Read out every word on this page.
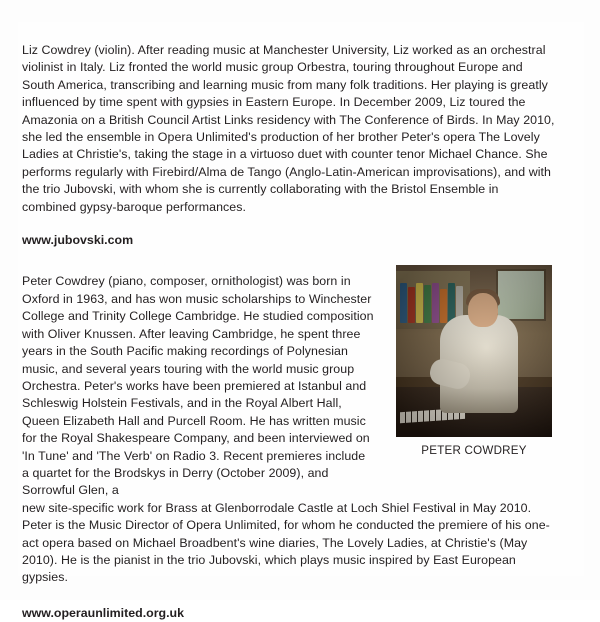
Liz Cowdrey (violin). After reading music at Manchester University, Liz worked as an orchestral violinist in Italy. Liz fronted the world music group Orbestra, touring throughout Europe and South America, transcribing and learning music from many folk traditions. Her playing is greatly influenced by time spent with gypsies in Eastern Europe. In December 2009, Liz toured the Amazonia on a British Council Artist Links residency with The Conference of Birds. In May 2010, she led the ensemble in Opera Unlimited's production of her brother Peter's opera The Lovely Ladies at Christie's, taking the stage in a virtuoso duet with counter tenor Michael Chance. She performs regularly with Firebird/Alma de Tango (Anglo-Latin-American improvisations), and with the trio Jubovski, with whom she is currently collaborating with the Bristol Ensemble in combined gypsy-baroque performances.

www.jubovski.com

PETER COWDREY

Peter Cowdrey (piano, composer, ornithologist) was born in Oxford in 1963, and has won music scholarships to Winchester College and Trinity College Cambridge. He studied composition with Oliver Knussen. After leaving Cambridge, he spent three years in the South Pacific making recordings of Polynesian music, and several years touring with the world music group Orchestra. Peter's works have been premiered at Istanbul and Schleswig Holstein Festivals, and in the Royal Albert Hall, Queen Elizabeth Hall and Purcell Room. He has written music for the Royal Shakespeare Company, and been interviewed on 'In Tune' and 'The Verb' on Radio 3. Recent premieres include a quartet for the Brodskys in Derry (October 2009), and Sorrowful Glen, a

new site-specific work for Brass at Glenborrodale Castle at Loch Shiel Festival in May 2010. Peter is the Music Director of Opera Unlimited, for whom he conducted the premiere of his one-act opera based on Michael Broadbent's wine diaries, The Lovely Ladies, at Christie's (May 2010). He is the pianist in the trio Jubovski, which plays music inspired by East European gypsies.

www.operaunlimited.org.uk
